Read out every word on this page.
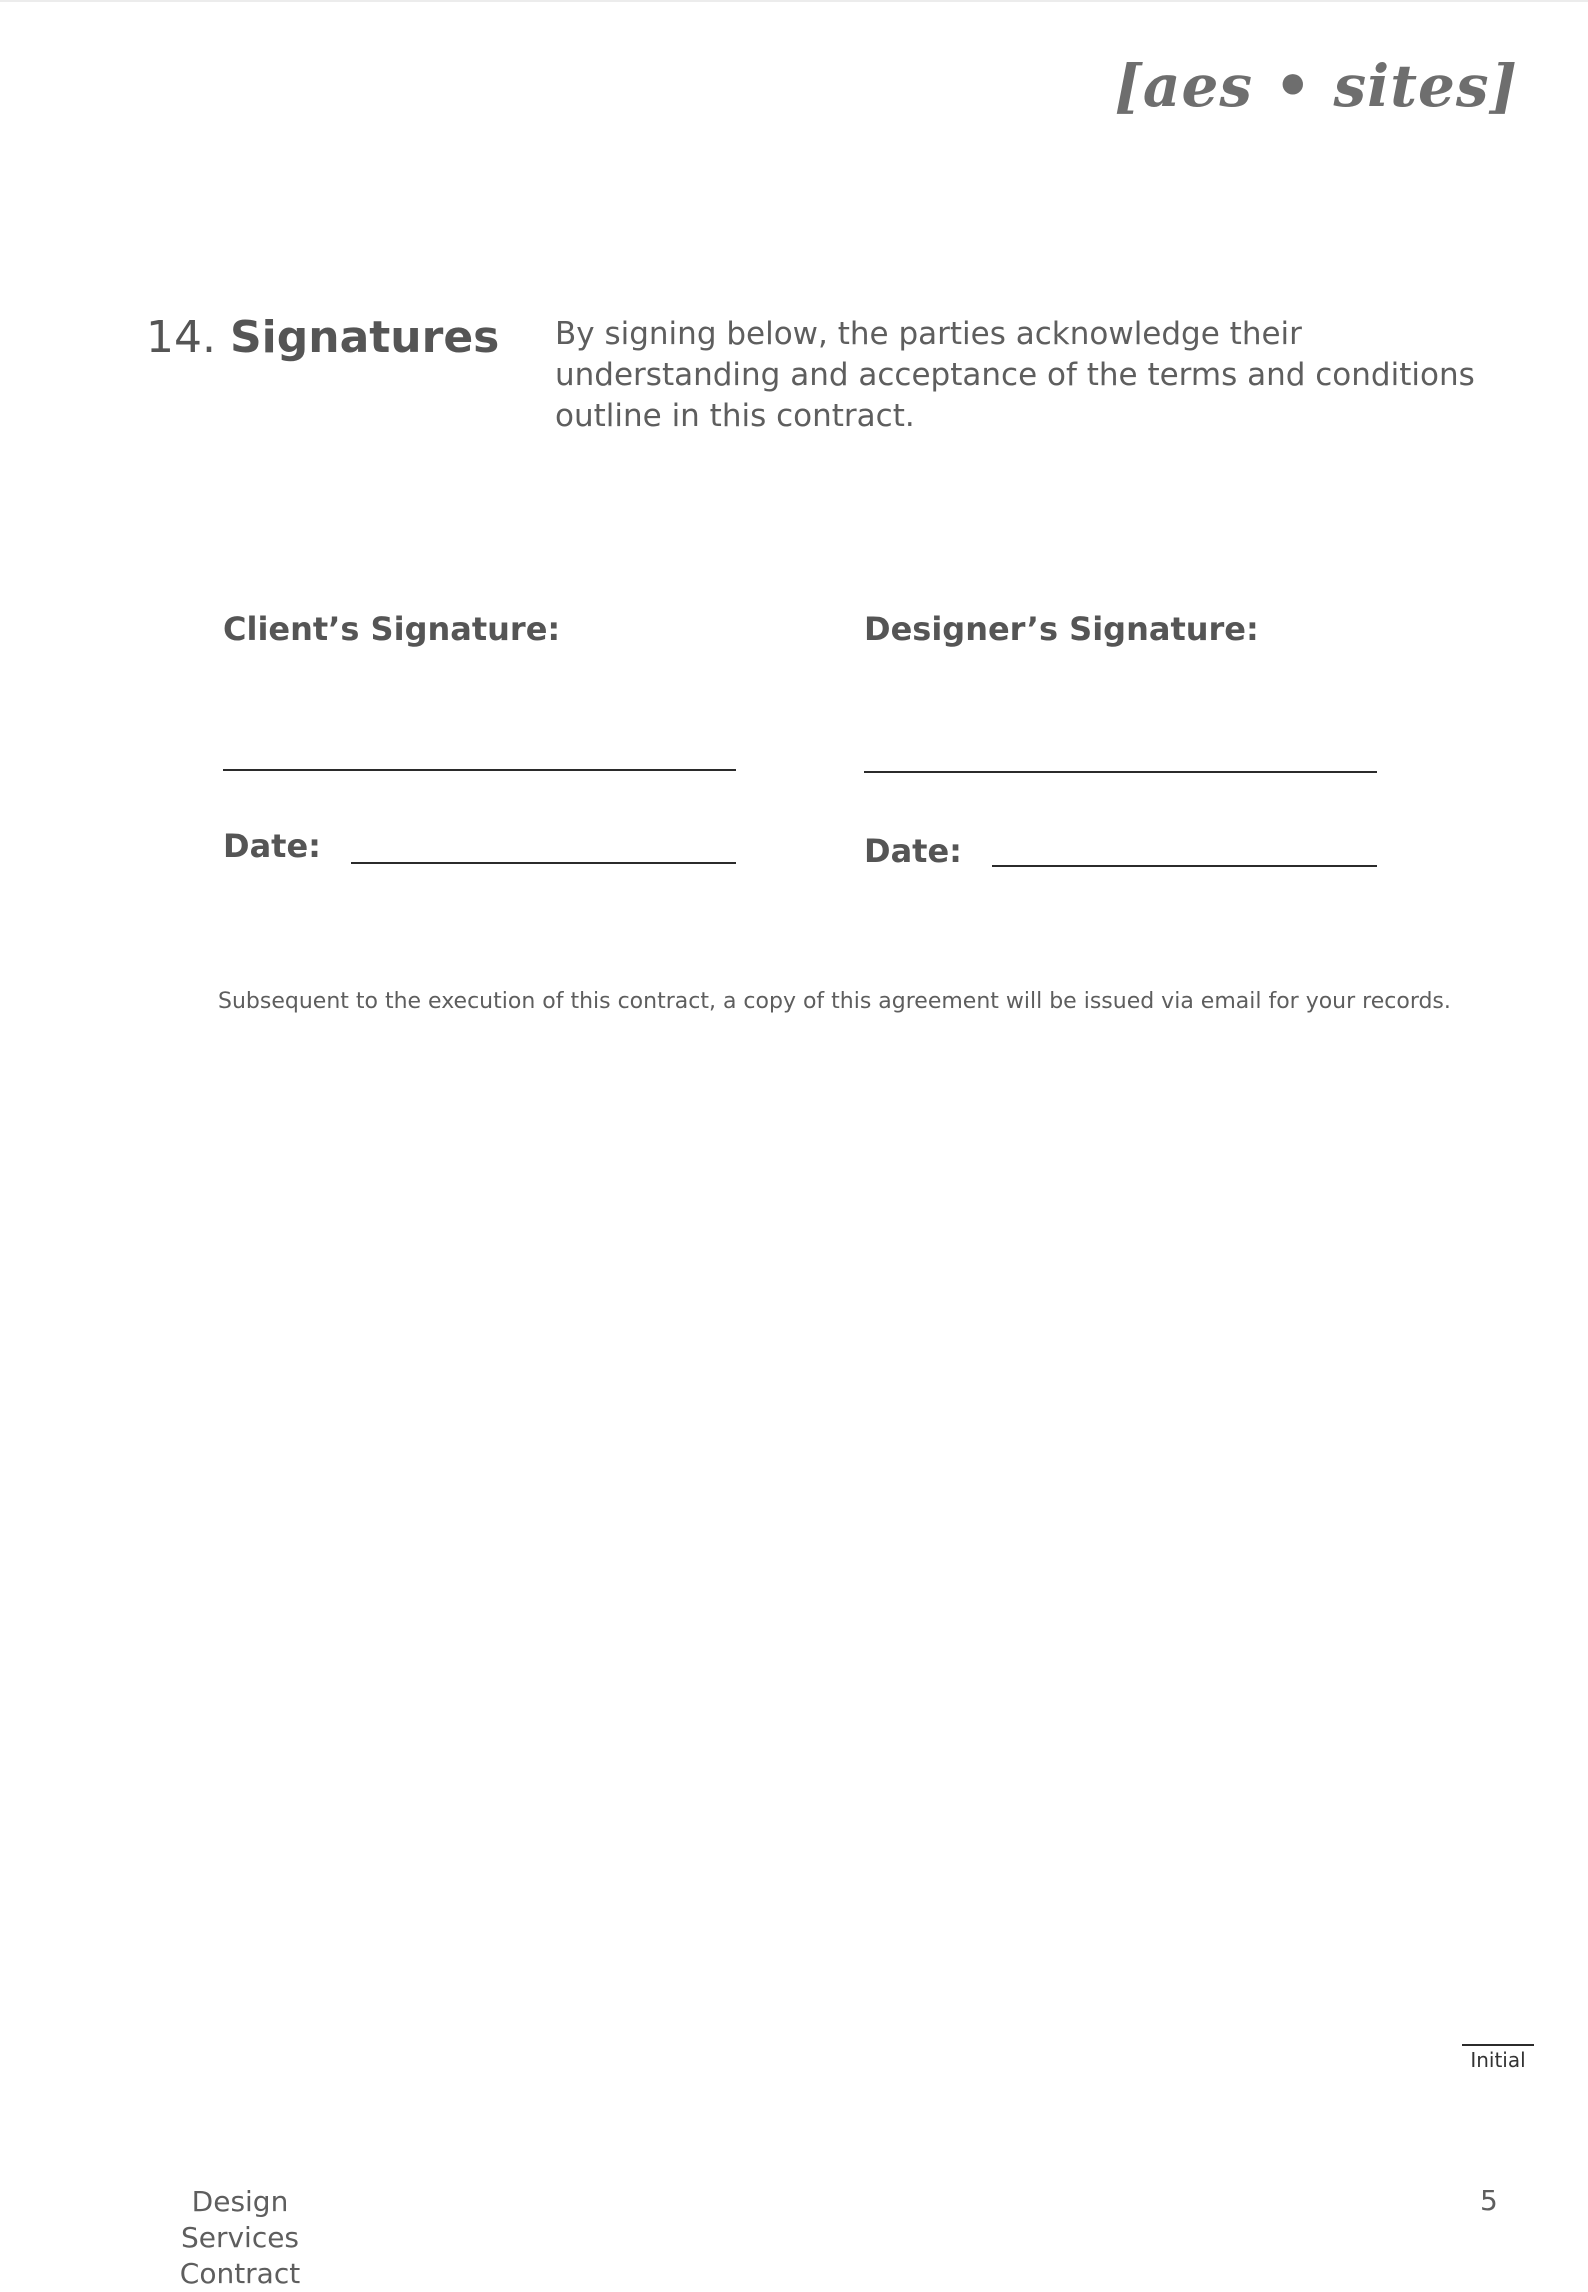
[aes • sites]
14. Signatures By signing below, the parties acknowledge their understanding and acceptance of the terms and conditions outline in this contract.
Client’s Signature:
Date:
Designer’s Signature:
Date:
Subsequent to the execution of this contract, a copy of this agreement will be issued via email for your records.
Initial
Design Services Contract
5
